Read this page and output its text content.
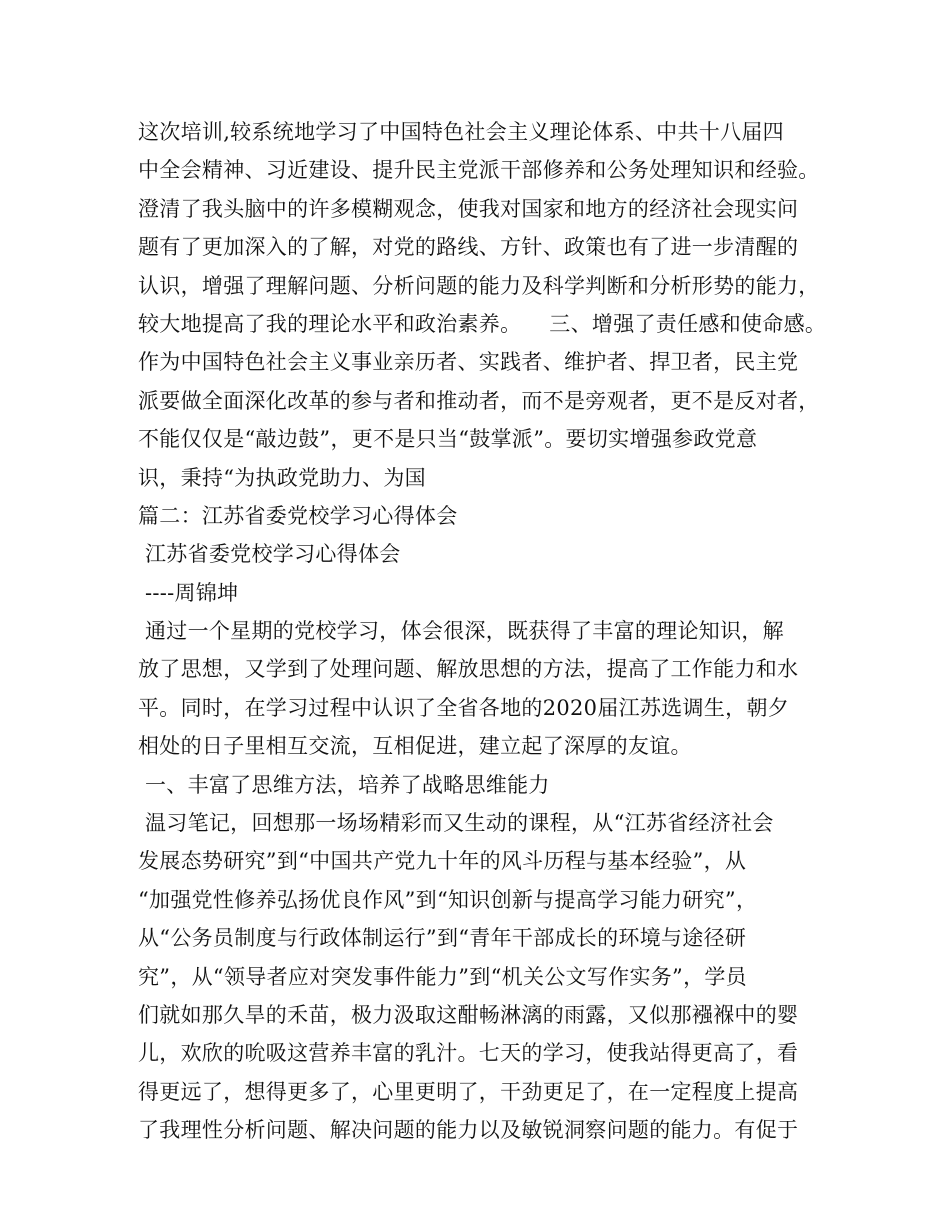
这次培训,较系统地学习了中国特色社会主义理论体系、中共十八届四
中全会精神、习近建设、提升民主党派干部修养和公务处理知识和经验。
澄清了我头脑中的许多模糊观念，使我对国家和地方的经济社会现实问
题有了更加深入的了解，对党的路线、方针、政策也有了进一步清醒的
认识，增强了理解问题、分析问题的能力及科学判断和分析形势的能力，
较大地提高了我的理论水平和政治素养。    三、增强了责任感和使命感。
作为中国特色社会主义事业亲历者、实践者、维护者、捍卫者，民主党
派要做全面深化改革的参与者和推动者，而不是旁观者，更不是反对者，
不能仅仅是“敲边鼓”，更不是只当“鼓掌派”。要切实增强参政党意
识，秉持“为执政党助力、为国
篇二：江苏省委党校学习心得体会
江苏省委党校学习心得体会
----周锦坤
通过一个星期的党校学习，体会很深，既获得了丰富的理论知识，解
放了思想，又学到了处理问题、解放思想的方法，提高了工作能力和水
平。同时，在学习过程中认识了全省各地的2020届江苏选调生，朝夕
相处的日子里相互交流，互相促进，建立起了深厚的友谊。
一、丰富了思维方法，培养了战略思维能力
温习笔记，回想那一场场精彩而又生动的课程，从“江苏省经济社会
发展态势研究”到“中国共产党九十年的风斗历程与基本经验”，从
“加强党性修养弘扬优良作风”到“知识创新与提高学习能力研究”，
从“公务员制度与行政体制运行”到“青年干部成长的环境与途径研
究”，从“领导者应对突发事件能力”到“机关公文写作实务”，学员
们就如那久旱的禾苗，极力汲取这酣畅淋漓的雨露，又似那襁褓中的婴
儿，欢欣的吮吸这营养丰富的乳汁。七天的学习，使我站得更高了，看
得更远了，想得更多了，心里更明了，干劲更足了，在一定程度上提高
了我理性分析问题、解决问题的能力以及敏锐洞察问题的能力。有促于
